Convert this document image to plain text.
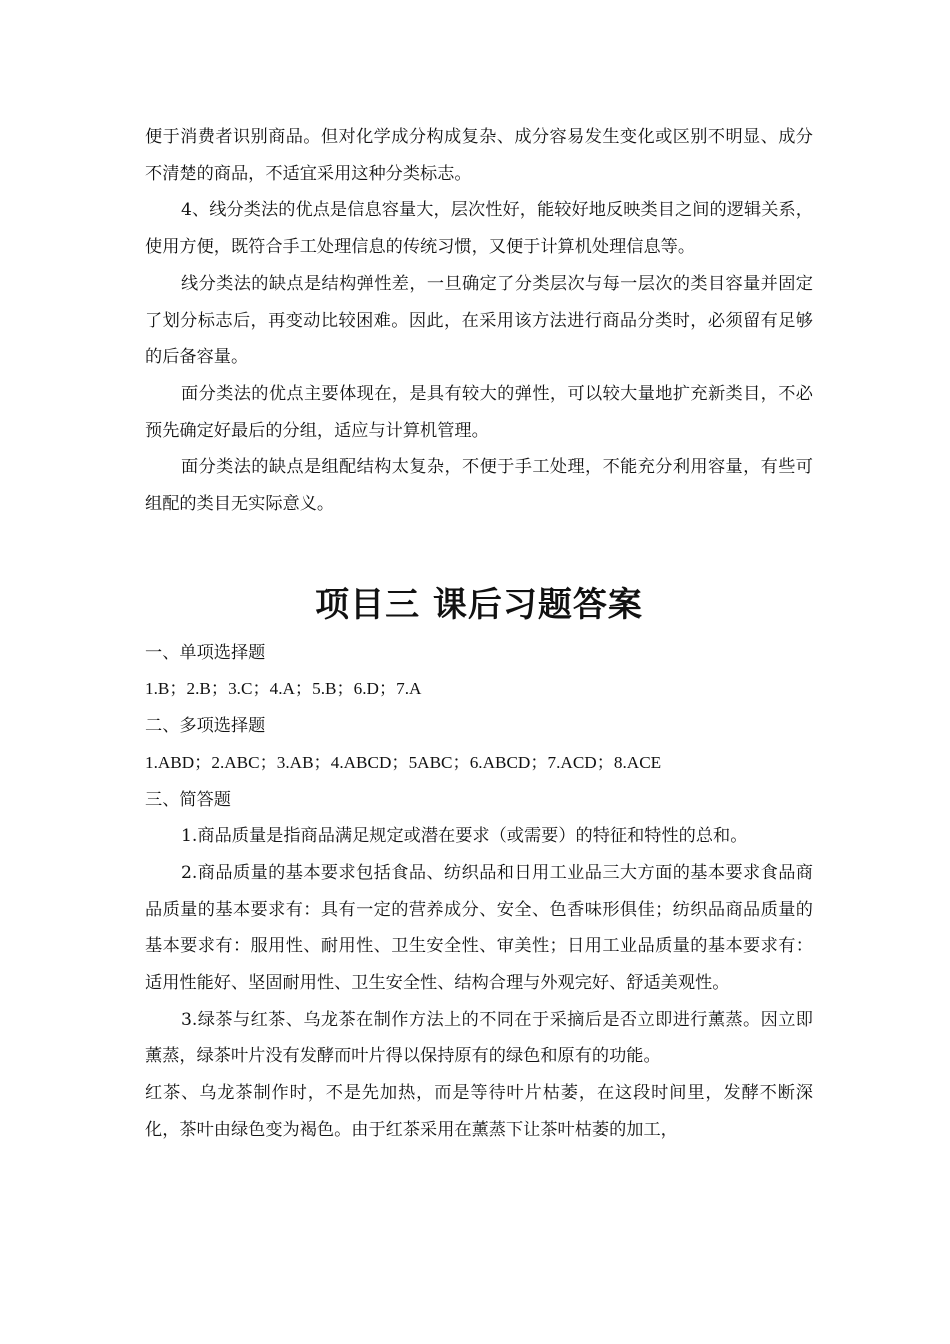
便于消费者识别商品。但对化学成分构成复杂、成分容易发生变化或区别不明显、成分不清楚的商品，不适宜采用这种分类标志。

4、线分类法的优点是信息容量大，层次性好，能较好地反映类目之间的逻辑关系，使用方便，既符合手工处理信息的传统习惯，又便于计算机处理信息等。

线分类法的缺点是结构弹性差，一旦确定了分类层次与每一层次的类目容量并固定了划分标志后，再变动比较困难。因此，在采用该方法进行商品分类时，必须留有足够的后备容量。

面分类法的优点主要体现在，是具有较大的弹性，可以较大量地扩充新类目，不必预先确定好最后的分组，适应与计算机管理。

面分类法的缺点是组配结构太复杂，不便于手工处理，不能充分利用容量，有些可组配的类目无实际意义。

项目三 课后习题答案

一、单项选择题

1.B；2.B；3.C；4.A；5.B；6.D；7.A

二、多项选择题

1.ABD；2.ABC；3.AB；4.ABCD；5ABC；6.ABCD；7.ACD；8.ACE

三、简答题

1.商品质量是指商品满足规定或潜在要求（或需要）的特征和特性的总和。

2.商品质量的基本要求包括食品、纺织品和日用工业品三大方面的基本要求食品商品质量的基本要求有：具有一定的营养成分、安全、色香味形俱佳；纺织品商品质量的基本要求有：服用性、耐用性、卫生安全性、审美性；日用工业品质量的基本要求有：适用性能好、坚固耐用性、卫生安全性、结构合理与外观完好、舒适美观性。

3.绿茶与红茶、乌龙茶在制作方法上的不同在于采摘后是否立即进行薰蒸。因立即薰蒸，绿茶叶片没有发酵而叶片得以保持原有的绿色和原有的功能。

红茶、乌龙茶制作时，不是先加热，而是等待叶片枯萎，在这段时间里，发酵不断深化，茶叶由绿色变为褐色。由于红茶采用在薰蒸下让茶叶枯萎的加工，
